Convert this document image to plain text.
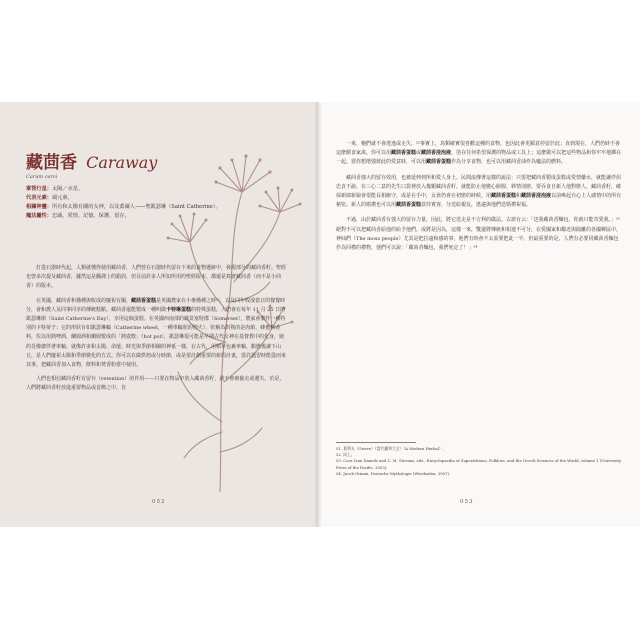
藏茴香 Caraway
Carum carvi
掌管行星：太陽／水星。
代表元素：風元素。
相關神靈：所有和太陽有關的女神，以及蓋爾人——聖凱瑟琳（Saint Catherine）。
魔法屬性：忠誠、愛情、記憶、保護、留存。

打從石器時代起，人類就懂得使用藏茴香，人們曾在石器時代留存下來的食物遺跡中，發現部分的藏茴香籽。聖經也曾多次提及藏茴香，據然這是翻譯上的錯誤，但目前許多人所知所用的聖經版本，都還是寫著藏茴香（而不是小茴香）的版本。

在英國，藏茴香和播種與收成的慶祝有關，藏茴香蛋糕是英國農家在小麥播種之時⁵¹，以及同年收成當日的餐餐時分，會和農人及同事同享的傳統糕點。藏茴香還能製成一種叫做卡特琳蛋糕的特殊蛋糕，人們會在每年 11 月 25 日的凱瑟琳節（Saint Catherine's Day），享用這個蛋糕。在英國西南部的薩莫塞特郡（Somerset），農家會製作一種特別的卡特蒂子；它的形狀有如凱瑟琳輪（Catherine wheel，一種車輪狀的煙火），密稱為烘熟的是肉餡，蜂蜜和香料，佐以用熱啤酒，蘭姆酒和蘭姆製成的「熱壺飲」（hot pot），凱瑟琳很可能是早期古代女神在基督教中的化身，她的肖像總伴著車輪，就像許多和太陽、命運、時光與季節相關的神祇一樣。在古代，用稻草包裹車輪，點燃後讓下山丘，是人們慶祝太陽和季節變化的方式。你可以在做烘焙或分時節，或是要計劃重要的新的計畫，當許溫習時能從而來其事，把藏茴香加入食物，飲料和焚香粉當中使用。

人們也相信藏茴香籽有留存（retention）的作用——只要在物品中放入藏茴香籽，就不會被偷走或遺失。於是，人們將藏茴香籽放進重要物品或首飾之中，自

052

一來，牠們就不會逃逸或走失。⁵²事實上，鳥類確實很喜歡這種的食物，也因此會更願意停留於此；直到現在，人們仍時不會這麼餵食家禽。你可以用藏茴香蛋糕或藏茴香浸泡液，塗在任何希望保護的物品或工具上；這麼做可以把這些物品和你牢牢地綁在一起。當你想增強彼此的愛意時，可以用藏茴香蛋糕作為分享食物，也可以用藏茴香油作為魔法的燃料。

藏茴香強大的留存效用，也被延伸到所和愛人身上。民間流傳著這樣的說法：只要把藏茴香製成蛋糕或愛情藥水，就能讓伴侶忠貞不渝。在三心二意的先生口袋裡放入幾顆藏茴香籽，就能防止他變心偷腥、移情別戀，要吞食自新人他對戀人，藏茴香籽，確保新郎新娘會很能長相廝守，或是在手中，女孩仍會在初戀的時候，用藏茴香蛋糕和藏茴香浸泡液以前喚起自心上人感情中的所有秘密。新人的婚禮也可以用藏茴香蛋糕款待賓客，分送給親友，遙遠與他們送婚禮祝福。

不過，由於藏茴香有強大的留存力量，因此，將它送走是不吉利的做法。古諺有云：「送我藏茴香麵包，你就只能寄愛我。」⁵³絕對不可以把藏茴香給他的給予他們，或將是因為，這樣一來，雙邊將傳統和相連不可分，在愛國家和鄰近與隔離的各國鄉區中，神仙們（The moss people）尤其是把拉遠和感的事，他們有時會不太需要把此一半。但最重要的是，人們有必要用藏茴香麵包作為回禮的禮物，他們可以說：「藏茴香麵包，我們死定了！」⁵⁴

51. 葛利夫（Grieve）《當代藥草大全》（A Modern Herbal）。
52. 同上。
53. Cora Linn Daniels and C. M. Stevans, eds., Encyclopaedia of Superstitions, Folklore, and the Occult Sciences of the World, volume 1 (University Press of the Pacific, 2003).
54. Jacob Grimm, Deutsche Mythologie (Wiesbaden, 2007).
053
